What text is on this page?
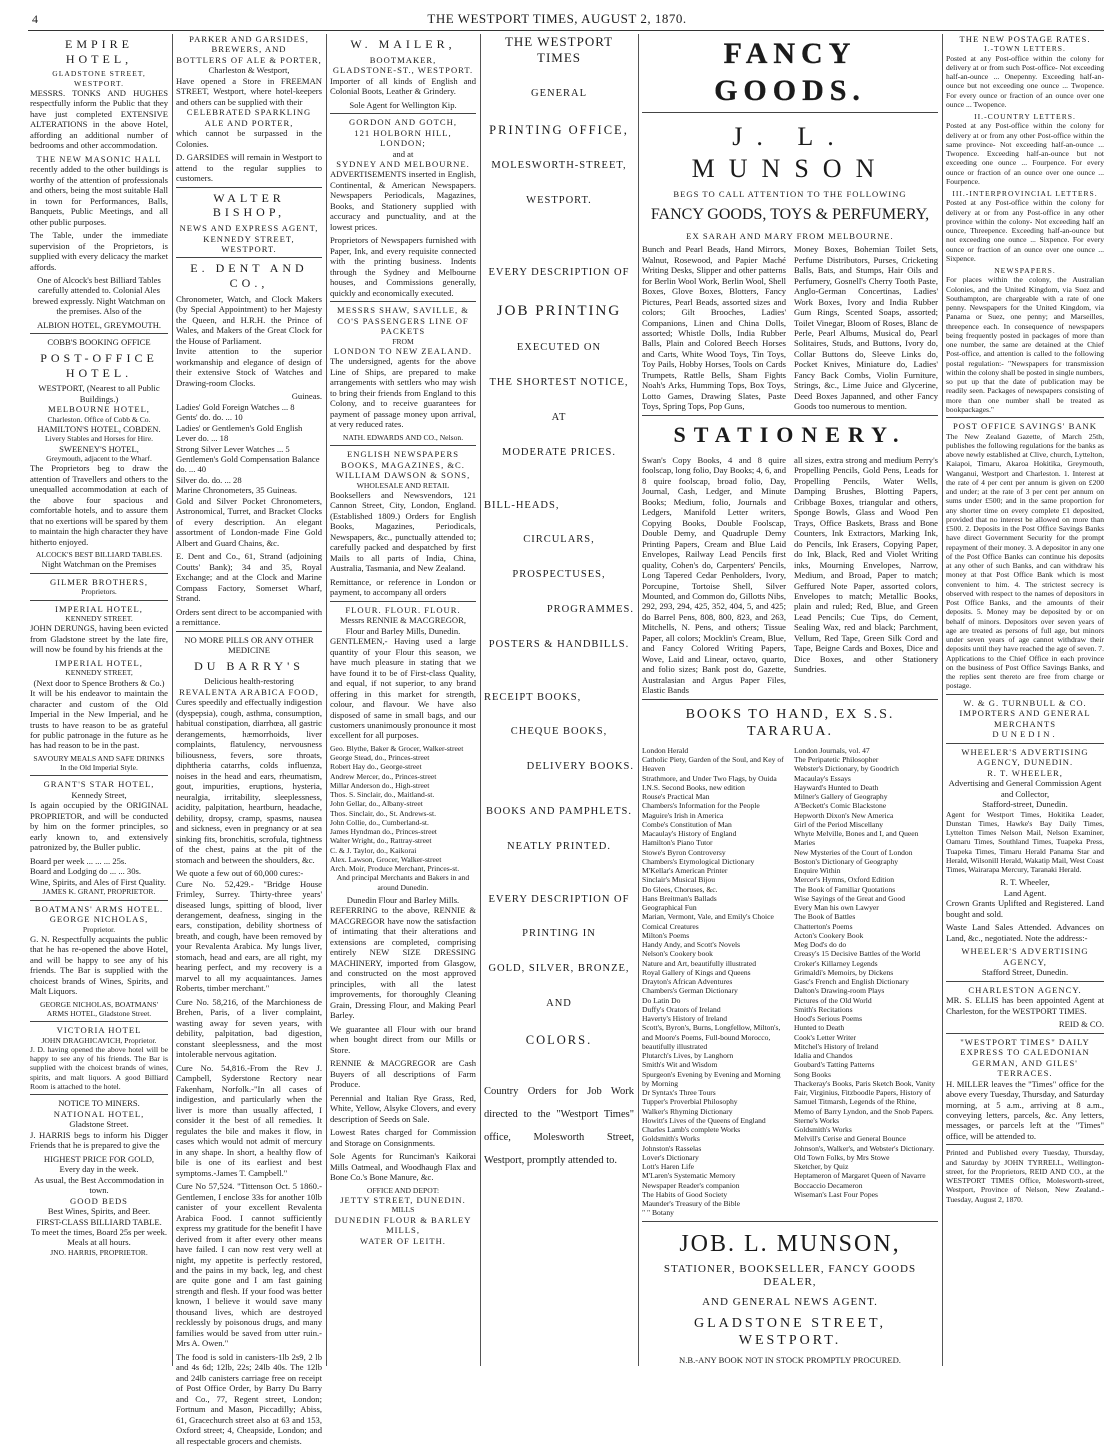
4	THE WESTPORT TIMES, AUGUST 2, 1870.
EMPIRE HOTEL,
GLADSTONE STREET, WESTPORT.
MESSRS. TONKS AND HUGHES respectfully inform the Public that they have just completed EXTENSIVE ALTERATIONS in the above Hotel, affording an additional number of bedrooms and other accommodation.
THE NEW MASONIC HALL
recently added to the other buildings is worthy of the attention of professionals and others, being the most suitable Hall in town for Performances, Balls, Banquets, Public Meetings, and all other public purposes.
The Table, under the immediate supervision of the Proprietors, is supplied with every delicacy the market affords.
One of Alcock's best Billiard Tables carefully attended to. Colonial Ales brewed expressly. Night Watchman on the premises. Also of the
ALBION HOTEL, GREYMOUTH.
COBB'S BOOKING OFFICE
POST-OFFICE HOTEL.
WESTPORT, (Nearest to all Public Buildings.)
MELBOURNE HOTEL,
Charleston. Office of Cobb & Co.
HAMILTON'S HOTEL, COBDEN.
Livery Stables and Horses for Hire.
SWEENEY'S HOTEL,
Greymouth, adjacent to the Wharf.
The Proprietors beg to draw the attention of Travellers and others to the unequalled accommodation at each of the above four spacious and comfortable hotels, and to assure them that no exertions will be spared by them to maintain the high character they have hitherto enjoyed.
ALCOCK'S BEST BILLIARD TABLES.
Night Watchman on the Premises
GILMER BROTHERS,
Proprietors.
IMPERIAL HOTEL,
KENNEDY STREET.
JOHN DERUNGS, having been evicted from Gladstone street by the late fire, will now be found by his friends at the
IMPERIAL HOTEL,
KENNEDY STREET,
(Next door to Spence Brothers & Co.)
It will be his endeavor to maintain the character and custom of the Old Imperial in the New Imperial, and he trusts to have reason to be as grateful for public patronage in the future as he has had reason to be in the past.
SAVOURY MEALS AND SAFE DRINKS In the Old Imperial Style.
GRANT'S STAR HOTEL,
Kennedy Street,
Is again occupied by the ORIGINAL PROPRIETOR, and will be conducted by him on the former principles, so early known to, and extensively patronized by, the Buller public.
Board per week ... ... ... 25s.
Board and Lodging do ... ... 30s.
Wine, Spirits, and Ales of First Quality.
JAMES K. GRANT, PROPRIETOR.
BOATMANS' ARMS HOTEL.
GEORGE NICHOLAS,
Proprietor.
G. N. Respectfully acquaints the public that he has re-opened the above Hotel, and will be happy to see any of his friends. The Bar is supplied with the choicest brands of Wines, Spirits, and Malt Liquors.
GEORGE NICHOLAS, BOATMANS' ARMS HOTEL, Gladstone Street.
VICTORIA HOTEL
JOHN DRAGHICAVICH, Proprietor.
J. D. having opened the above hotel will be happy to see any of his friends. The Bar is supplied with the choicest brands of wines, spirits, and malt liquors. A good Billiard Room is attached to the hotel.
NOTICE TO MINERS.
NATIONAL HOTEL,
Gladstone Street.
J. HARRIS begs to inform his Digger Friends that he is prepared to give the
HIGHEST PRICE FOR GOLD,
Every day in the week.
As usual, the Best Accommodation in town.
GOOD BEDS
Best Wines, Spirits, and Beer.
FIRST-CLASS BILLIARD TABLE.
To meet the times, Board 25s per week. Meals at all hours.
JNO. HARRIS, PROPRIETOR.
PARKER AND GARSIDES,
BREWERS, AND
BOTTLERS OF ALE & PORTER,
Charleston & Westport,
Have opened a Store in FREEMAN STREET, Westport, where hotel-keepers and others can be supplied with their
CELEBRATED SPARKLING ALE AND PORTER,
which cannot be surpassed in the Colonies.
D. GARSIDES will remain in Westport to attend to the regular supplies to customers.
WALTER BISHOP,
NEWS AND EXPRESS AGENT,
KENNEDY STREET,
WESTPORT.
E. DENT AND CO.,
Chronometer, Watch, and Clock Makers (by Special Appointment) to her Majesty the Queen, and H.R.H. the Prince of Wales, and Makers of the Great Clock for the House of Parliament.
Invite attention to the superior workmanship and elegance of design of their extensive Stock of Watches and Drawing-room Clocks.
Guineas.
Ladies' Gold Foreign Watches ... 8
Gents' do. do. ... 10
Ladies' or Gentlemen's Gold English Lever do. ... 18
Strong Silver Lever Watches ... 5
Gentlemen's Gold Compensation Balance do. ... 40
Silver do. do. ... 28
Marine Chronometers, 35 Guineas.
Gold and Silver Pocket Chronometers, Astronomical, Turret, and Bracket Clocks of every description. An elegant assortment of London-made Fine Gold Albert and Guard Chains, &c.
E. Dent and Co., 61, Strand (adjoining Coutts' Bank); 34 and 35, Royal Exchange; and at the Clock and Marine Compass Factory, Somerset Wharf, Strand.
Orders sent direct to be accompanied with a remittance.
NO MORE PILLS OR ANY OTHER MEDICINE
DU BARRY'S
Delicious health-restoring
REVALENTA ARABICA FOOD,
Cures speedily and effectually indigestion (dyspepsia), cough, asthma, consumption, habitual constipation, diarrhœa, all gastric derangements, hæmorrhoids, liver complaints, flatulency, nervousness biliousness, fevers, sore throats, diphtheria catarrhs, colds influenza, noises in the head and ears, rheumatism, gout, impurities, eruptions, hysteria, neuralgia, irritability, sleeplessness, acidity, palpitation, heartburn, headache, debility, dropsy, cramp, spasms, nausea and sickness, even in pregnancy or at sea sinking fits, bronchitis, scrofula, tightness of the chest, pains at the pit of the stomach and between the shoulders, &c.
We quote a few out of 60,000 cures:-
Cure No. 52,429.- "Bridge House Frimley, Surrey. Thirty-three years' diseased lungs, spitting of blood, liver derangement, deafness, singing in the ears, constipation, debility shortness of breath, and cough, have been removed by your Revalenta Arabica. My lungs liver, stomach, head and ears, are all right, my hearing perfect, and my recovery is a marvel to all my acquaintances. James Roberts, timber merchant."
Cure No. 58,216, of the Marchioness de Brehen, Paris, of a liver complaint, wasting away for seven years, with debility, palpitation, bad digestion, constant sleeplessness, and the most intolerable nervous agitation.
Cure No. 54,816.-From the Rev J. Campbell, Syderstone Rectory near Fakenham, Norfolk.-"In all cases of indigestion, and particularly when the liver is more than usually affected, I consider it the best of all remedies. It regulates the bile and makes it flow, in cases which would not admit of mercury in any shape. In short, a healthy flow of bile is one of its earliest and best symptoms.-James T. Campbell."
Cure No 57,524. "Tittenson Oct. 5 1860.-Gentlemen, I enclose 33s for another 10lb canister of your excellent Revalenta Arabica Food. I cannot sufficiently express my gratitude for the benefit I have derived from it after every other means have failed. I can now rest very well at night, my appetite is perfectly restored, and the pains in my back, leg, and chest are quite gone and I am fast gaining strength and flesh. If your food was better known, I believe it would save many thousand lives, which are destroyed recklessly by poisonous drugs, and many families would be saved from utter ruin.- Mrs A. Owen."
The food is sold in canisters-1lb 2s9, 2 lb and 4s 6d; 12lb, 22s; 24lb 40s. The 12lb and 24lb canisters carriage free on receipt of Post Office Order, by Barry Du Barry and Co., 77, Regent street, London; Fortnum and Mason, Piccadilly; Abiss, 61, Gracechurch street also at 63 and 153, Oxford street; 4, Cheapside, London; and all respectable grocers and chemists.
W. MAILER,
BOOTMAKER,
GLADSTONE-ST., WESTPORT.
Importer of all kinds of English and Colonial Boots, Leather & Grindery.
Sole Agent for Wellington Kip.
GORDON AND GOTCH,
121 HOLBORN HILL, LONDON;
and at
SYDNEY AND MELBOURNE.
ADVERTISEMENTS inserted in English, Continental, & American Newspapers. Newspapers Periodicals, Magazines, Books, and Stationery supplied with accuracy and punctuality, and at the lowest prices.
Proprietors of Newspapers furnished with Paper, Ink, and every requisite connected with the printing business. Indents through the Sydney and Melbourne houses, and Commissions generally, quickly and economically executed.
MESSRS SHAW, SAVILLE, & CO'S PASSENGERS LINE OF PACKETS
FROM
LONDON TO NEW ZEALAND.
The undersigned, agents for the above Line of Ships, are prepared to make arrangements with settlers who may wish to bring their friends from England to this Colony, and to receive guarantees for payment of passage money upon arrival, at very reduced rates.
NATH. EDWARDS AND CO., Nelson.
ENGLISH NEWSPAPERS BOOKS, MAGAZINES, &C.
WILLIAM DAWSON & SONS,
WHOLESALE AND RETAIL
Booksellers and Newsvendors, 121 Cannon Street, City, London, England. (Established 1809.) Orders for English Books, Magazines, Periodicals, Newspapers, &c., punctually attended to; carefully packed and despatched by first Mails to all parts of India, China, Australia, Tasmania, and New Zealand.
Remittance, or reference in London or payment, to accompany all orders
FLOUR. FLOUR. FLOUR.
Messrs RENNIE & MACGREGOR,
Flour and Barley Mills, Dunedin.
GENTLEMEN,- Having used a large quantity of your Flour this season, we have much pleasure in stating that we have found it to be of First-class Quality, and equal, if not superior, to any brand offering in this market for strength, colour, and flavour. We have also disposed of same in small bags, and our customers unanimously pronounce it most excellent for all purposes.
Geo. Blythe, Baker & Grocer, Walker-street
George Stead, do., Princes-street
Robert Hay do., George-street
Andrew Mercer, do., Princes-street
Millar Anderson do., High-street
Thos. S. Sinclair, do., Maitland-st.
John Gellar, do., Albany-street
Thos. Sinclair, do., St. Andrews-st.
John Collie, do., Cumberland-st.
James Hyndman do., Princes-street
Walter Wright, do., Rattray-street
C. & J. Taylor, do., Kaikorai
Alex. Lawson, Grocer, Walker-street
Arch. Moir, Produce Merchant, Princes-st.
And principal Merchants and Bakers in and around Dunedin.
Dunedin Flour and Barley Mills.
REFERRING to the above, RENNIE & MACGREGOR have now the satisfaction of intimating that their alterations and extensions are completed, comprising entirely NEW SIZE DRESSING MACHINERY, imported from Glasgow, and constructed on the most approved principles, with all the latest improvements, for thoroughly Cleaning Grain, Dressing Flour, and Making Pearl Barley.
We guarantee all Flour with our brand when bought direct from our Mills or Store.
RENNIE & MACGREGOR are Cash Buyers of all descriptions of Farm Produce.
Perennial and Italian Rye Grass, Red, White, Yellow, Alsyke Clovers, and every description of Seeds on Sale.
Lowest Rates charged for Commission and Storage on Consignments.
Sole Agents for Runciman's Kaikorai Mills Oatmeal, and Woodhaugh Flax and Bone Co.'s Bone Manure, &c.
OFFICE AND DEPOT:
JETTY STREET, DUNEDIN.
MILLS
DUNEDIN FLOUR & BARLEY MILLS,
WATER OF LEITH.
THE WESTPORT TIMES
GENERAL
PRINTING OFFICE,
MOLESWORTH-STREET,
WESTPORT.
EVERY DESCRIPTION OF
JOB PRINTING
EXECUTED ON
THE SHORTEST NOTICE,
AT
MODERATE PRICES.
BILL-HEADS,
CIRCULARS,
PROSPECTUSES,
PROGRAMMES.
POSTERS & HANDBILLS.
RECEIPT BOOKS,
CHEQUE BOOKS,
DELIVERY BOOKS.
BOOKS AND PAMPHLETS.
NEATLY PRINTED.
EVERY DESCRIPTION OF
PRINTING IN
GOLD, SILVER, BRONZE,
AND
COLORS.
Country Orders for Job Work directed to the "Westport Times" office, Molesworth Street, Westport, promptly attended to.
FANCY GOODS.
J. L. MUNSON
BEGS TO CALL ATTENTION TO THE FOLLOWING
FANCY GOODS, TOYS & PERFUMERY,
EX SARAH AND MARY FROM MELBOURNE.
Bunch and Pearl Beads, Hand Mirrors, Walnut, Rosewood, and Papier Maché Writing Desks, Slipper and other patterns for Berlin Wool Work, Berlin Wool, Shell Boxes, Glove Boxes, Blotters, Fancy Pictures, Pearl Beads, assorted sizes and colors; Gilt Brooches, Ladies' Companions, Linen and China Dolls, assorted; Whistle Dolls, India Rubber Balls, Plain and Colored Beech Horses and Carts, White Wood Toys, Tin Toys, Toy Pails, Hobby Horses, Tools on Cards Trumpets, Rattle Bells, Sham Fights Noah's Arks, Humming Tops, Box Toys, Lotto Games, Drawing Slates, Paste Toys, Spring Tops, Pop Guns,
Money Boxes, Bohemian Toilet Sets, Perfume Distributors, Purses, Cricketing Balls, Bats, and Stumps, Hair Oils and Perfumery, Gosnell's Cherry Tooth Paste, Anglo-German Concertinas, Ladies' Work Boxes, Ivory and India Rubber Gum Rings, Scented Soaps, assorted; Toilet Vinegar, Bloom of Roses, Blanc de Perle, Pearl Albums, Musical do, Pearl Solitaires, Studs, and Buttons, Ivory do, Collar Buttons do, Sleeve Links do, Pocket Knives, Miniature do, Ladies' Fancy Back Combs, Violin Furniture, Strings, &c., Lime Juice and Glycerine, Deed Boxes Japanned, and other Fancy Goods too numerous to mention.
STATIONERY.
Swan's Copy Books, 4 and 8 quire foolscap, long folio, Day Books; 4, 6, and 8 quire foolscap, broad folio, Day, Journal, Cash, Ledger, and Minute Books; Medium, folio, Journals and Ledgers, Manifold Letter writers, Copying Books, Double Foolscap, Double Demy, and Quadruple Demy Printing Papers, Cream and Blue Laid Envelopes, Railway Lead Pencils first quality, Cohen's do, Carpenters' Pencils, Long Tapered Cedar Penholders, Ivory, Porcupine, Tortoise Shell, Silver Mounted, and Common do, Gillotts Nibs, 292, 293, 294, 425, 352, 404, 5, and 425; do Barrel Pens, 808, 800, 823, and 263, Mitchells, N. Pens, and others; Tissue Paper, all colors; Mocklin's Cream, Blue, and Fancy Colored Writing Papers, Wove, Laid and Linear, octavo, quarto, and folio sizes; Bank post do, Gazette, Australasian and Argus Paper Files, Elastic Bands
all sizes, extra strong and medium Perry's Propelling Pencils, Gold Pens, Leads for Propelling Pencils, Water Wells, Damping Brushes, Blotting Papers, Cribbage Boxes, triangular and others, Sponge Bowls, Glass and Wood Pen Trays, Office Baskets, Brass and Bone Counters, Ink Extractors, Marking Ink, do Pencils, Ink Erasers, Copying Paper, do Ink, Black, Red and Violet Writing inks, Mourning Envelopes, Narrow, Medium, and Broad, Paper to match; Geffured Note Paper, assorted colors, Envelopes to match; Metallic Books, plain and ruled; Red, Blue, and Green Lead Pencils; Cue Tips, do Cement, Sealing Wax, red and black; Parchment, Vellum, Red Tape, Green Silk Cord and Tape, Beigne Cards and Boxes, Dice and Dice Boxes, and other Stationery Sundries.
BOOKS TO HAND, EX S.S. TARARUA.
London Herald
Catholic Piety, Garden of the Soul, and Key of Heaven
Strathmore, and Under Two Flags, by Ouida
I.N.S. Second Books, new edition
Rouse's Practical Man
Chambers's Information for the People
Maguire's Irish in America
Combe's Constitution of Man
Macaulay's History of England
Hamilton's Piano Tutor
Stowe's Byron Controversy
Chambers's Etymological Dictionary
M'Kellar's American Printer
Sinclair's Musical Bijou
Do Glees, Choruses, &c.
Hans Breitman's Ballads
Geographical Fun
Marian, Vermont, Vale, and Emily's Choice
Comical Creatures
Milton's Poems
Handy Andy, and Scott's Novels
Nelson's Cookery book
Nature and Art, beautifully illustrated
Royal Gallery of Kings and Queens
Drayton's African Adventures
Chambers's German Dictionary
Do Latin Do
Duffy's Orators of Ireland
Haverty's History of Ireland
Scott's, Byron's, Burns, Longfellow, Milton's, and Moore's Poems, Full-bound Morocco, beautifully illustrated
Plutarch's Lives, by Langhorn
Smith's Wit and Wisdom
Spurgeon's Evening by Evening and Morning by Morning
Dr Syntax's Three Tours
Tupper's Proverbial Philosophy
Walker's Rhyming Dictionary
Howitt's Lives of the Queens of England
Charles Lamb's complete Works
Goldsmith's Works
Johnston's Rasselas
Lover's Dictionary
Lott's Haren Life
M'Laren's Systematic Memory
Newspaper Reader's companion
The Habits of Good Society
Maunder's Treasury of the Bible
" " Botany
London Journals, vol. 47
The Peripatetic Philosopher
Webster's Dictionary, by Goodrich
Macaulay's Essays
Hayward's Hunted to Death
Milner's Gallery of Geography
A'Beckett's Comic Blackstone
Hepworth Dixon's New America
Girl of the Period Miscellany
Whyte Melville, Bones and I, and Queen Maries
New Mysteries of the Court of London
Boston's Dictionary of Geography
Enquire Within
Mercer's Hymns, Oxford Edition
The Book of Familiar Quotations
Wise Sayings of the Great and Good
Every Man his own Lawyer
The Book of Battles
Chatterton's Poems
Acton's Cookery Book
Meg Dod's do do
Creasy's 15 Decisive Battles of the World
Croker's Killarney Legends
Grimaldi's Memoirs, by Dickens
Gasc's French and English Dictionary
Dalton's Drawing-room Plays
Pictures of the Old World
Smith's Recitations
Hood's Serious Poems
Hunted to Death
Cook's Letter Writer
Mitchel's History of Ireland
Idalia and Chandos
Goubard's Tatting Patterns
Song Books
Thackeray's Books, Paris Sketch Book, Vanity Fair, Virginius, Fitzboodle Papers, History of Samuel Titmarsh, Legends of the Rhine, Memo of Barry Lyndon, and the Snob Papers.
Sterne's Works
Goldsmith's Works
Melvill's Cerise and General Bounce
Johnson's, Walker's, and Webster's Dictionary.
Old Town Folks, by Mrs Stowe
Sketcher, by Quiz
Heptameron of Margaret Queen of Navarre
Boccaccio Decameron
Wiseman's Last Four Popes
JOB. L. MUNSON,
STATIONER, BOOKSELLER, FANCY GOODS DEALER,
AND GENERAL NEWS AGENT.
GLADSTONE STREET, WESTPORT.
N.B.-ANY BOOK NOT IN STOCK PROMPTLY PROCURED.
THE NEW POSTAGE RATES.
I.-TOWN LETTERS.
Posted at any Post-office within the colony for delivery at or from such Post-office- Not exceeding half-an-ounce ... Onepenny. Exceeding half-an-ounce but not exceeding one ounce ... Twopence. For every ounce or fraction of an ounce over one ounce ... Twopence.
II.-COUNTRY LETTERS.
Posted at any Post-office within the colony for delivery at or from any other Post-office within the same province- Not exceeding half-an-ounce ... Twopence. Exceeding half-an-ounce but not exceeding one ounce ... Fourpence. For every ounce or fraction of an ounce over one ounce ... Fourpence.
III.-INTERPROVINCIAL LETTERS.
Posted at any Post-office within the colony for delivery at or from any Post-office in any other province within the colony- Not exceeding half an ounce, Threepence. Exceeding half-an-ounce but not exceeding one ounce ... Sixpence. For every ounce or fraction of an ounce over one ounce ... Sixpence.
NEWSPAPERS.
For places within the colony, the Australian Colonies, and the United Kingdom, via Suez and Southampton, are chargeable with a rate of one penny. Newspapers for the United Kingdom, via Panama or Suez, one penny; and Marseilles, threepence each. In consequence of newspapers being frequently posted in packages of more than one number, the same are detained at the Chief Post-office, and attention is called to the following postal regulation:- "Newspapers for transmission within the colony shall be posted in single numbers, so put up that the date of publication may be readily seen. Packages of newspapers consisting of more than one number shall be treated as bookpackages."
POST OFFICE SAVINGS' BANK
The New Zealand Gazette, of March 25th, publishes the following regulations for the banks as above newly established at Clive, church, Lyttelton, Kaiapoi, Timaru, Akaroa Hokitika, Greymouth, Wanganui, Westport and Charleston. 1. Interest at the rate of 4 per cent per annum is given on £200 and under; at the rate of 3 per cent per annum on sums under £500; and in the same proportion for any shorter time on every complete £1 deposited, provided that no interest be allowed on more than £500. 2. Deposits in the Post Office Savings Banks have direct Government Security for the prompt repayment of their money. 3. A depositor in any one of the Post Office Banks can continue his deposits at any other of such Banks, and can withdraw his money at that Post Office Bank which is most convenient to him. 4. The strictest secrecy is observed with respect to the names of depositors in Post Office Banks, and the amounts of their deposits. 5. Money may be deposited by or on behalf of minors. Depositors over seven years of age are treated as persons of full age, but minors under seven years of age cannot withdraw their deposits until they have reached the age of seven. 7. Applications to the Chief Office in each province on the business of Post Office Savings Banks, and the replies sent thereto are free from charge or postage.
W. & G. TURNBULL & CO.
IMPORTERS AND GENERAL
MERCHANTS
DUNEDIN.
WHEELER'S ADVERTISING
AGENCY, DUNEDIN.
R. T. WHEELER,
Advertising and General Commission Agent and Collector,
Stafford-street, Dunedin.
Agent for Westport Times, Hokitika Leader, Dunstan Times, Hawke's Bay Daily Times, Lyttelton Times Nelson Mail, Nelson Examiner, Oamaru Times, Southland Times, Tuapeka Press, Tuapeka Times, Timaru Herald Panama Star and Herald, Wilsonill Herald, Wakatip Mail, West Coast Times, Wairarapa Mercury, Taranaki Herald.
R. T. Wheeler,
Land Agent.
Crown Grants Uplifted and Registered. Land bought and sold.
Waste Land Sales Attended. Advances on Land, &c., negotiated. Note the address:-
WHEELER'S ADVERTISING AGENCY,
Stafford Street, Dunedin.
CHARLESTON AGENCY.
MR. S. ELLIS has been appointed Agent at Charleston, for the WESTPORT TIMES.
REID & CO.
"WESTPORT TIMES" DAILY EXPRESS TO CALEDONIAN GERMAN, AND GILES' TERRACES.
H. MILLER leaves the "Times" office for the above every Tuesday, Thursday, and Saturday morning, at 5 a.m., arriving at 8 a.m., conveying letters, parcels, &c. Any letters, messages, or parcels left at the "Times" office, will be attended to.
Printed and Published every Tuesday, Thursday, and Saturday by JOHN TYRRELL, Wellington-street, for the Proprietors, REID AND CO., at the WESTPORT TIMES Office, Molesworth-street, Westport, Province of Nelson, New Zealand.-Tuesday, August 2, 1870.
